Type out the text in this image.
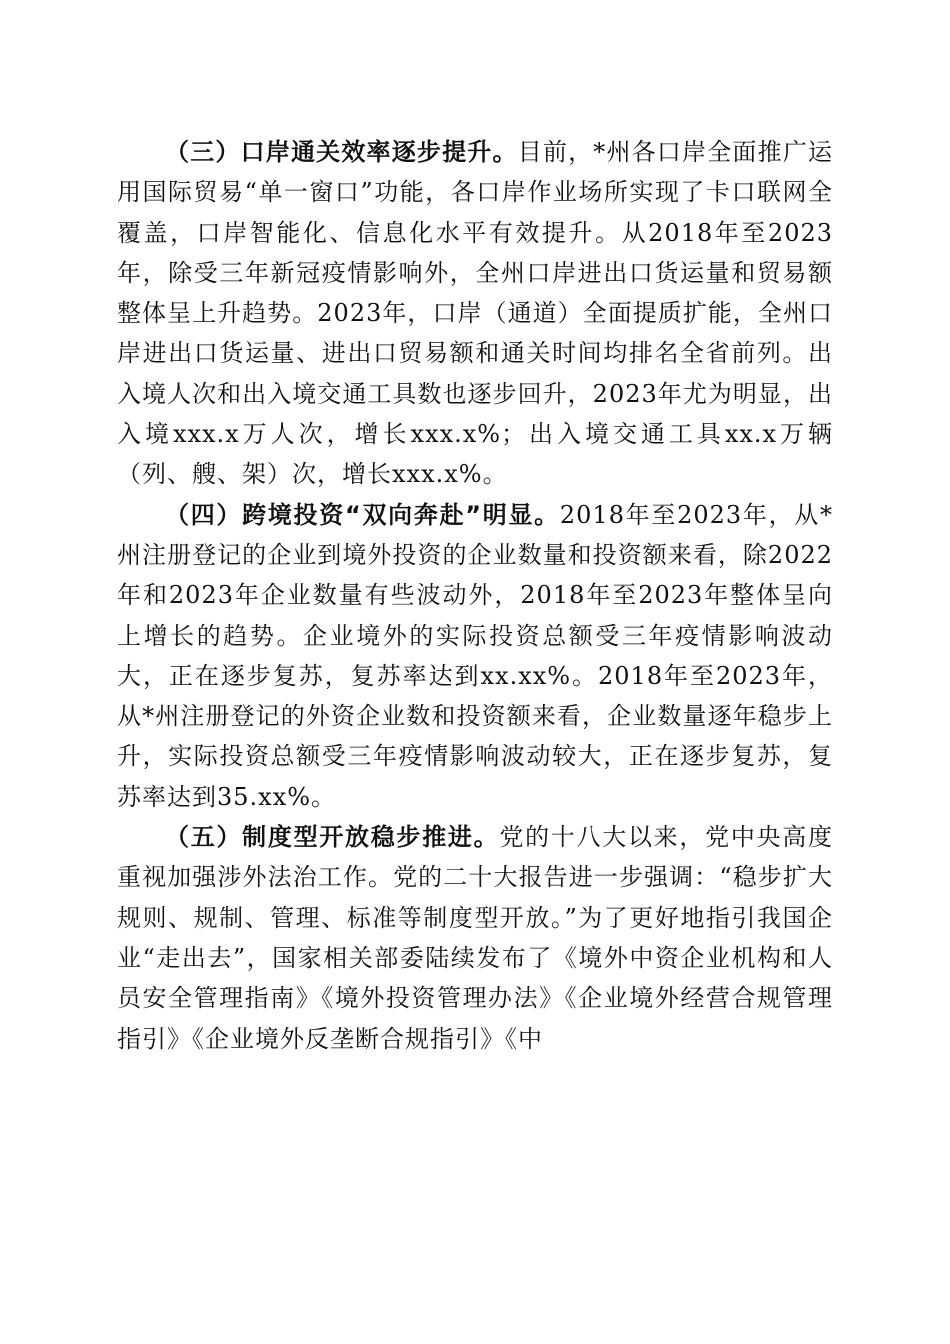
（三）口岸通关效率逐步提升。目前，*州各口岸全面推广运用国际贸易“单一窗口”功能，各口岸作业场所实现了卡口联网全覆盖，口岸智能化、信息化水平有效提升。从2018年至2023年，除受三年新冠疫情影响外，全州口岸进出口货运量和贸易额整体呈上升趋势。2023年，口岸（通道）全面提质扩能，全州口岸进出口货运量、进出口贸易额和通关时间均排名全省前列。出入境人次和出入境交通工具数也逐步回升，2023年尤为明显，出入境xxx.x万人次，增长xxx.x%；出入境交通工具xx.x万辆（列、艘、架）次，增长xxx.x%。

（四）跨境投资“双向奔赴”明显。2018年至2023年，从*州注册登记的企业到境外投资的企业数量和投资额来看，除2022年和2023年企业数量有些波动外，2018年至2023年整体呈向上增长的趋势。企业境外的实际投资总额受三年疫情影响波动大，正在逐步复苏，复苏率达到xx.xx%。2018年至2023年，从*州注册登记的外资企业数和投资额来看，企业数量逐年稳步上升，实际投资总额受三年疫情影响波动较大，正在逐步复苏，复苏率达到35.xx%。

（五）制度型开放稳步推进。党的十八大以来，党中央高度重视加强涉外法治工作。党的二十大报告进一步强调：“稳步扩大规则、规制、管理、标准等制度型开放。”为了更好地指引我国企业“走出去”，国家相关部委陆续发布了《境外中资企业机构和人员安全管理指南》《境外投资管理办法》《企业境外经营合规管理指引》《企业境外反垄断合规指引》《中
